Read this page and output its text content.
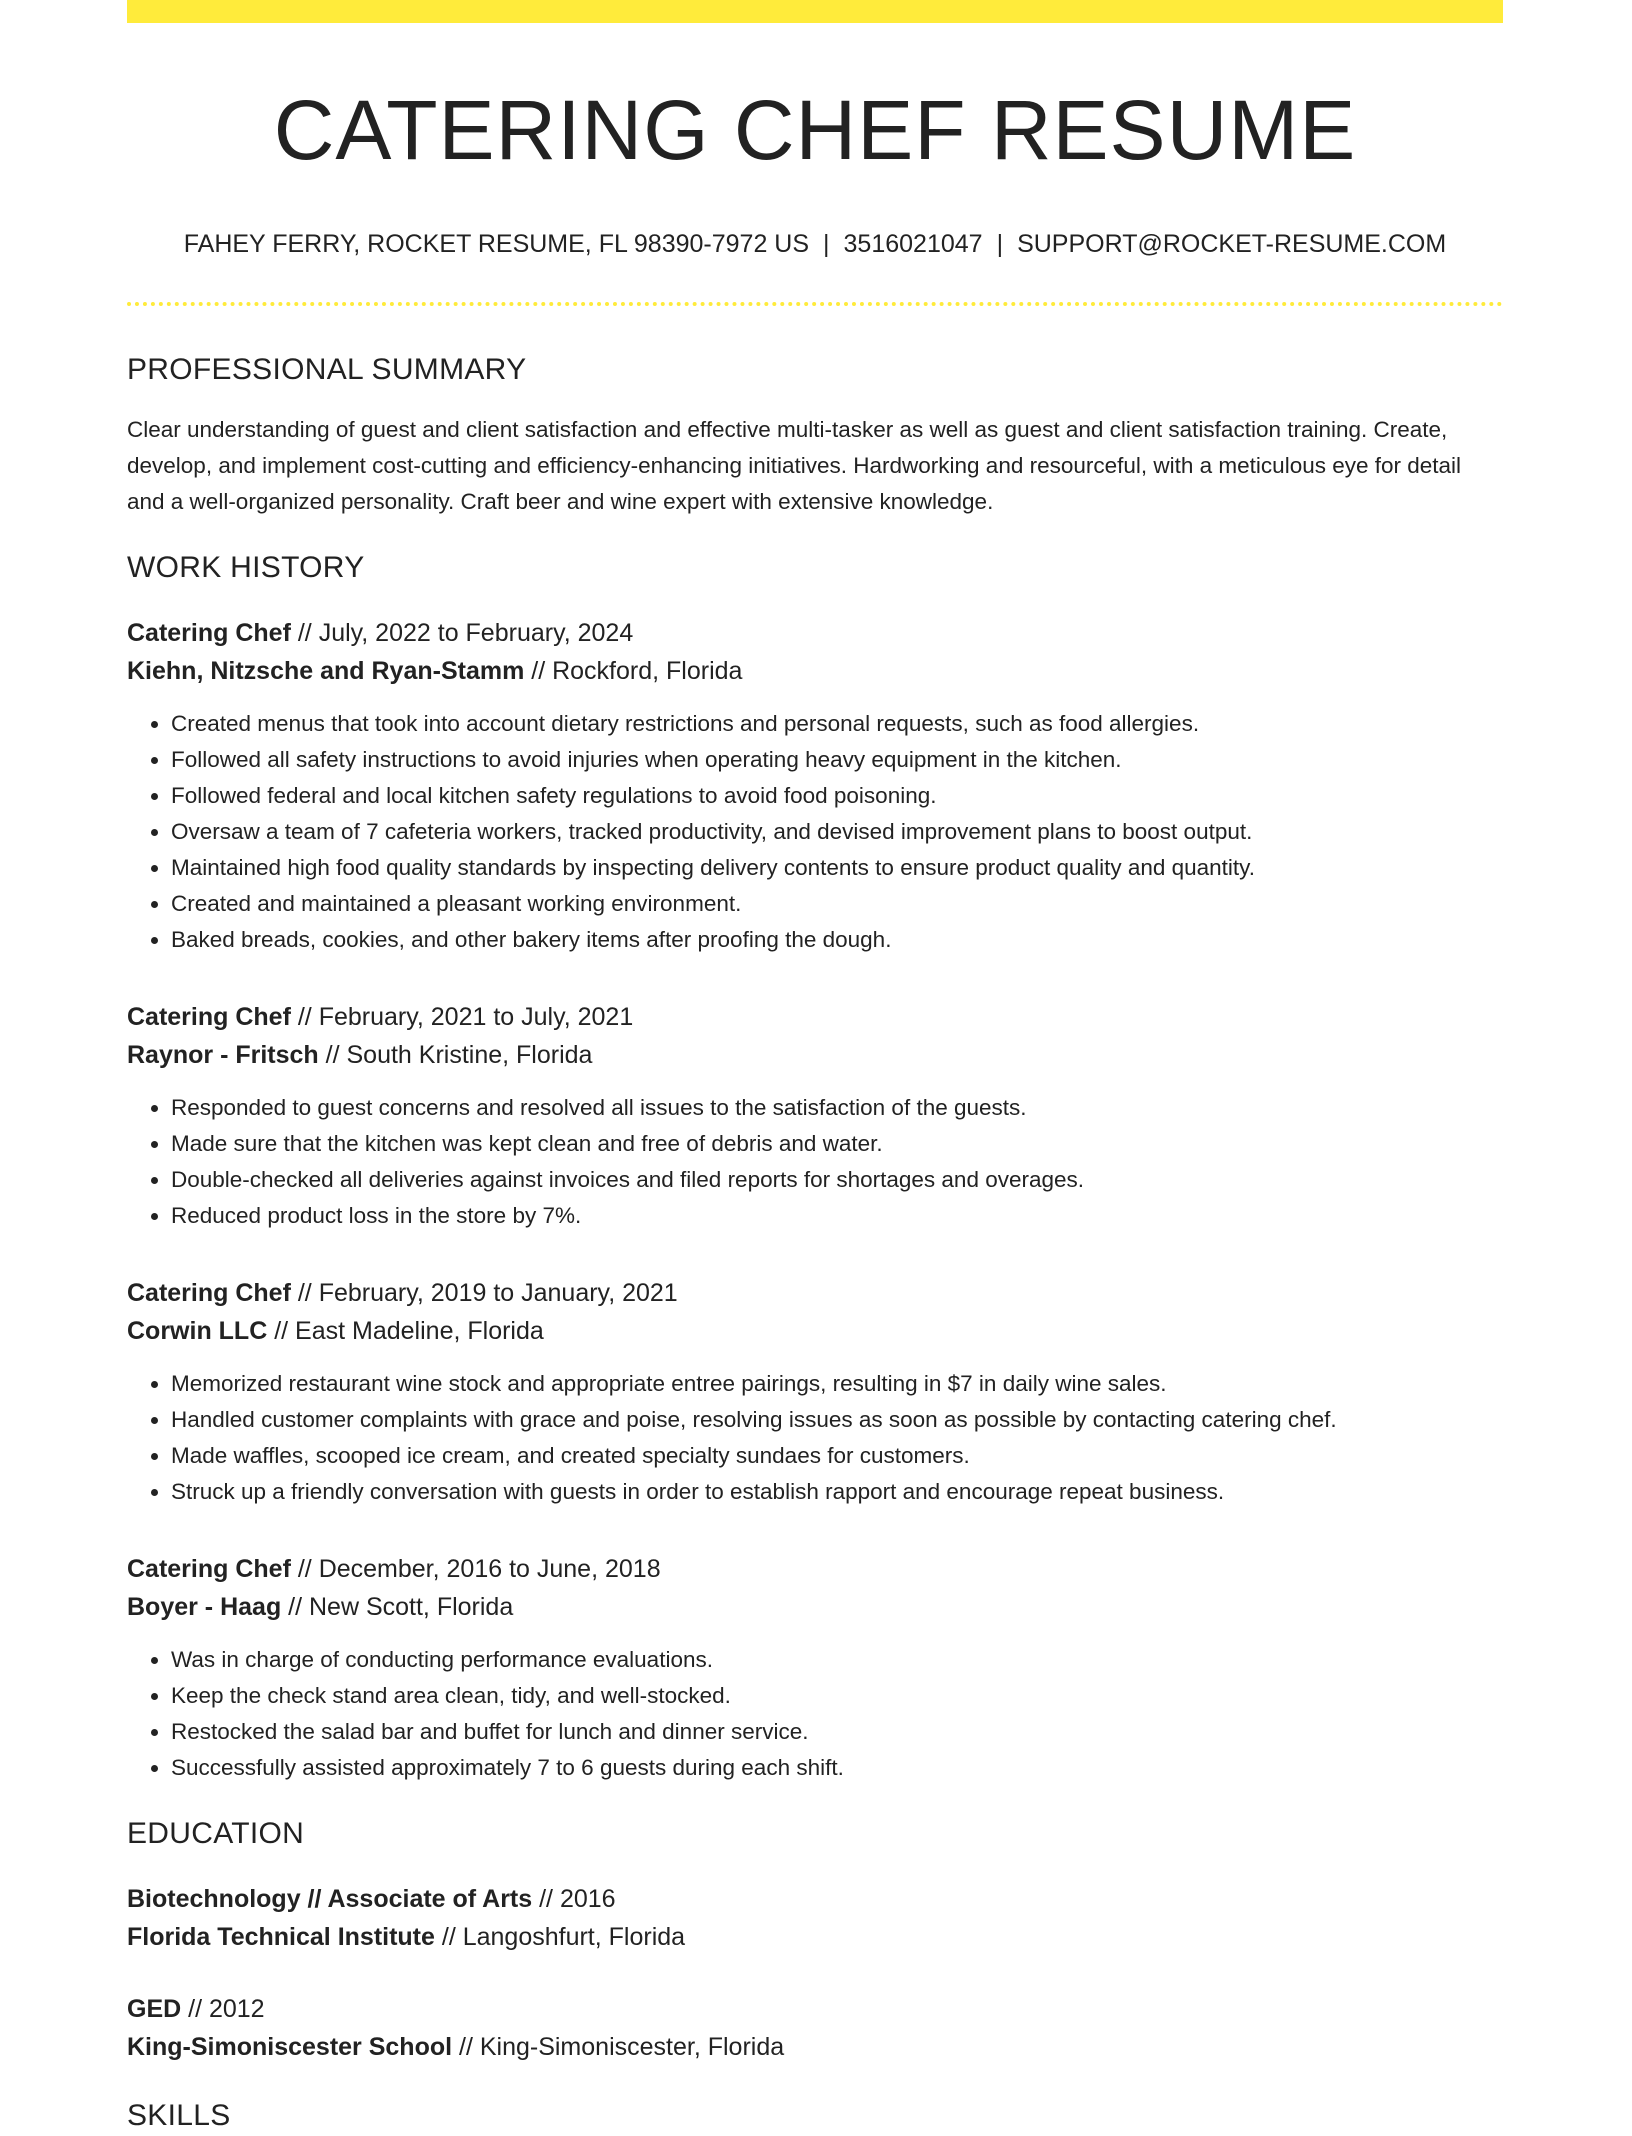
CATERING CHEF RESUME
FAHEY FERRY, ROCKET RESUME, FL 98390-7972 US | 3516021047 | SUPPORT@ROCKET-RESUME.COM
PROFESSIONAL SUMMARY
Clear understanding of guest and client satisfaction and effective multi-tasker as well as guest and client satisfaction training. Create, develop, and implement cost-cutting and efficiency-enhancing initiatives. Hardworking and resourceful, with a meticulous eye for detail and a well-organized personality. Craft beer and wine expert with extensive knowledge.
WORK HISTORY
Catering Chef // July, 2022 to February, 2024
Kiehn, Nitzsche and Ryan-Stamm // Rockford, Florida
• Created menus that took into account dietary restrictions and personal requests, such as food allergies.
• Followed all safety instructions to avoid injuries when operating heavy equipment in the kitchen.
• Followed federal and local kitchen safety regulations to avoid food poisoning.
• Oversaw a team of 7 cafeteria workers, tracked productivity, and devised improvement plans to boost output.
• Maintained high food quality standards by inspecting delivery contents to ensure product quality and quantity.
• Created and maintained a pleasant working environment.
• Baked breads, cookies, and other bakery items after proofing the dough.
Catering Chef // February, 2021 to July, 2021
Raynor - Fritsch // South Kristine, Florida
• Responded to guest concerns and resolved all issues to the satisfaction of the guests.
• Made sure that the kitchen was kept clean and free of debris and water.
• Double-checked all deliveries against invoices and filed reports for shortages and overages.
• Reduced product loss in the store by 7%.
Catering Chef // February, 2019 to January, 2021
Corwin LLC // East Madeline, Florida
• Memorized restaurant wine stock and appropriate entree pairings, resulting in $7 in daily wine sales.
• Handled customer complaints with grace and poise, resolving issues as soon as possible by contacting catering chef.
• Made waffles, scooped ice cream, and created specialty sundaes for customers.
• Struck up a friendly conversation with guests in order to establish rapport and encourage repeat business.
Catering Chef // December, 2016 to June, 2018
Boyer - Haag // New Scott, Florida
• Was in charge of conducting performance evaluations.
• Keep the check stand area clean, tidy, and well-stocked.
• Restocked the salad bar and buffet for lunch and dinner service.
• Successfully assisted approximately 7 to 6 guests during each shift.
EDUCATION
Biotechnology // Associate of Arts // 2016
Florida Technical Institute // Langoshfurt, Florida
GED // 2012
King-Simoniscester School // King-Simoniscester, Florida
SKILLS
